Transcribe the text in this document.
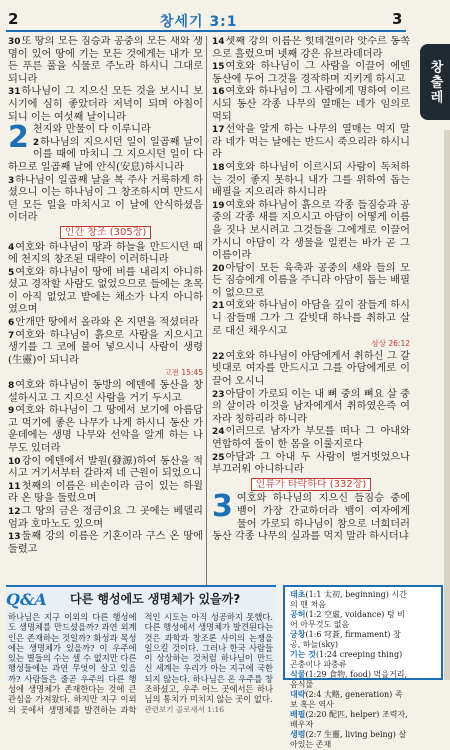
2	창세기 3:1	3
창출레

30또 땅의 모든 짐승과 공중의 모든 새와 생명이 있어 땅에 기는 모든 것에게는 내가 모든 푸른 풀을 식물로 주노라 하시니 그대로 되니라

31하나님이 그 지으신 모든 것을 보시니 보시기에 심히 좋았더라 저녁이 되며 아침이 되니 이는 여섯째 날이니라

2 천지와 만물이 다 이루니라

2하나님의 지으시던 일이 일곱째 날이 이를 때에 마치니 그 지으시던 일이 다하므로 일곱째 날에 안식(安息)하시니라

3하나님이 일곱째 날을 복 주사 거룩하게 하셨으니 이는 하나님이 그 창조하시며 만드시던 모든 일을 마치시고 이 날에 안식하셨음이더라

인간 창조 (305장)

4여호와 하나님이 땅과 하늘을 만드시던 때에 천지의 창조된 대략이 이러하니라

5여호와 하나님이 땅에 비를 내리지 아니하셨고 경작할 사람도 없었으므로 들에는 초목이 아직 없었고 밭에는 채소가 나지 아니하였으며

6안개만 땅에서 올라와 온 지면을 적셨더라

7여호와 하나님이 흙으로 사람을 지으시고 생기를 그 코에 불어 넣으시니 사람이 생령(生靈)이 되니라

고전 15:45

8여호와 하나님이 동방의 에덴에 동산을 창설하시고 그 지으신 사람을 거기 두시고

9여호와 하나님이 그 땅에서 보기에 아름답고 먹기에 좋은 나무가 나게 하시니 동산 가운데에는 생명 나무와 선악을 알게 하는 나무도 있더라

10강이 에덴에서 발원(發源)하여 동산을 적시고 거기서부터 갈라져 네 근원이 되었으니

11첫째의 이름은 비손이라 금이 있는 하윌라 온 땅을 둘렀으며

12그 땅의 금은 정금이요 그 곳에는 베델리엄과 호마노도 있으며

13둘째 강의 이름은 기혼이라 구스 온 땅에 둘렸고

14셋째 강의 이름은 힛데겔이라 앗수르 동쪽으로 흘렀으며 넷째 강은 유브라데더라

15여호와 하나님이 그 사람을 이끌어 에덴 동산에 두어 그것을 경작하며 지키게 하시고

16여호와 하나님이 그 사람에게 명하여 이르시되 동산 각종 나무의 열매는 네가 임의로 먹되

17선악을 알게 하는 나무의 열매는 먹지 말라 네가 먹는 날에는 반드시 죽으리라 하시니라

18여호와 하나님이 이르시되 사람이 독처하는 것이 좋지 못하니 내가 그를 위하여 돕는 배필을 지으리라 하시니라

19여호와 하나님이 흙으로 각종 들짐승과 공중의 각종 새를 지으시고 아담이 어떻게 이름을 짓나 보시려고 그것들을 그에게로 이끌어 가시니 아담이 각 생물을 일컫는 바가 곧 그 이름이라

20아담이 모든 육축과 공중의 새와 들의 모든 짐승에게 이름을 주니라 아담이 돕는 배필이 없으므로

21여호와 하나님이 아담을 깊이 잠들게 하시니 잠들매 그가 그 갈빗대 하나를 취하고 살로 대신 채우시고

삼상 26:12

22여호와 하나님이 아담에게서 취하신 그 갈빗대로 여자를 만드시고 그를 아담에게로 이끌어 오시니

23아담이 가로되 이는 내 뼈 중의 뼈요 살 중의 살이라 이것을 남자에게서 취하였은즉 여자라 칭하리라 하니라

24이러므로 남자가 부모를 떠나 그 아내와 연합하여 둘이 한 몸을 이룰지로다

25아담과 그 아내 두 사람이 벌거벗었으나 부끄러워 아니하니라

인류가 타락하다 (332장)

3 여호와 하나님의 지으신 들짐승 중에 뱀이 가장 간교하더라 뱀이 여자에게 물어 가로되 하나님이 참으로 너희더러 동산 각종 나무의 실과를 먹지 말라 하시더냐

Q&A 다른 행성에도 생명체가 있을까?
하나님은 지구 이외의 다른 행성에도 생명체를 만드셨을까? 과연 외계인은 존재하는 것일까? 화성과 목성에는 생명체가 있을까? 이 우주에 있는 별들의 수는 셀 수 없지만 다른 행성들에는 과연 무엇이 살고 있을까? 사람들은 줄곧 우주의 다른 행성에 생명체가 존재한다는 것에 큰 관심을 가져왔다. 하지만 지구 이외의 곳에서 생명체를 발견하는 과학적인 시도는 아직 성공하지 못했다. 다른 행성에서 생명체가 발견된다는 것은 과학과 창조론 사이의 논쟁을 일으킬 것이다. 그러나 한국 사람들이 상상하는 것처럼 하나님이 만드신 세계는 우리가 아는 지구에 국한되지 않는다. 하나님은 온 우주를 창조하셨고, 우주 어느 곳에서든 하나님의 통치가 미치지 않는 곳이 없다.
관련보기 골로새서 1:16
태초(1:1 太初, beginning) 시간의 맨 처음
공허(1:2 空虛, voidance) 텅 비어 아무것도 없음
궁창(1:6 穹蒼, firmament) 창공, 하늘(sky)
기는 것(1:24 creeping thing) 곤충이나 파충류
식물(1:29 食物, food) 먹을거리, 음식물
대략(2:4 大略, generation) 족보 혹은 역사
배필(2:20 配匹, helper) 조력자, 배우자
생령(2:7 生靈, living being) 살아있는 존재
